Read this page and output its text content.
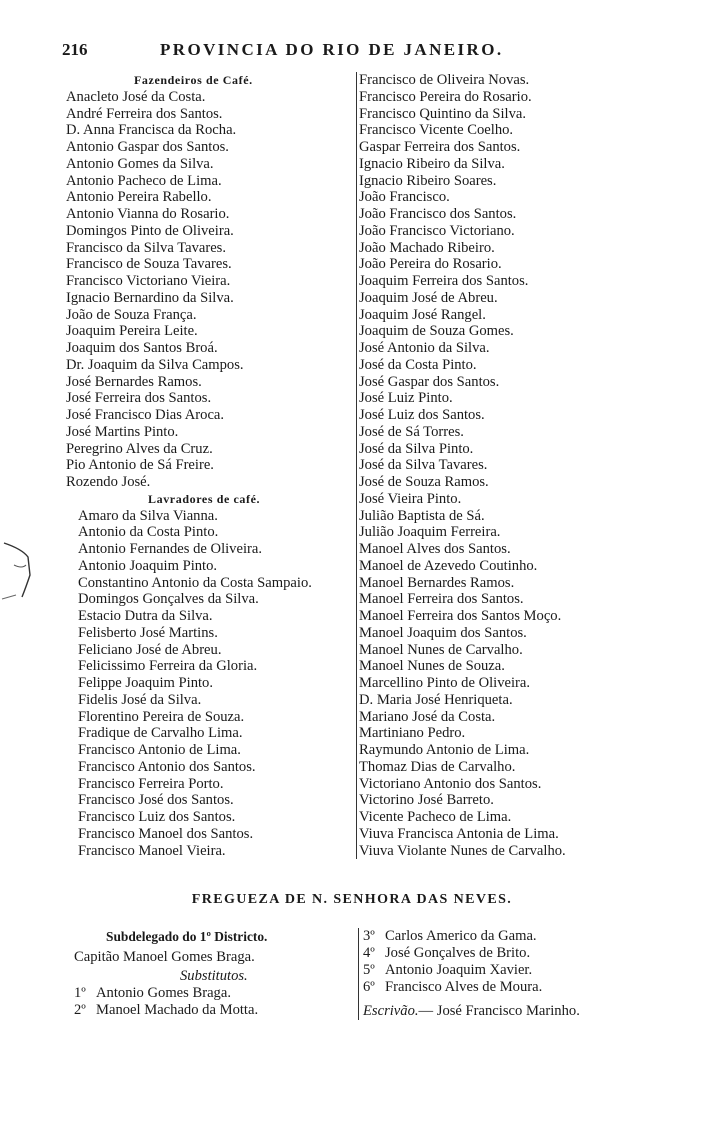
216	PROVINCIA DO RIO DE JANEIRO.
Fazendeiros de Café.
Anacleto José da Costa.
André Ferreira dos Santos.
D. Anna Francisca da Rocha.
Antonio Gaspar dos Santos.
Antonio Gomes da Silva.
Antonio Pacheco de Lima.
Antonio Pereira Rabello.
Antonio Vianna do Rosario.
Domingos Pinto de Oliveira.
Francisco da Silva Tavares.
Francisco de Souza Tavares.
Francisco Victoriano Vieira.
Ignacio Bernardino da Silva.
João de Souza França.
Joaquim Pereira Leite.
Joaquim dos Santos Broá.
Dr. Joaquim da Silva Campos.
José Bernardes Ramos.
José Ferreira dos Santos.
José Francisco Dias Aroca.
José Martins Pinto.
Peregrino Alves da Cruz.
Pio Antonio de Sá Freire.
Rozendo José.
Lavradores de café.
Amaro da Silva Vianna.
Antonio da Costa Pinto.
Antonio Fernandes de Oliveira.
Antonio Joaquim Pinto.
Constantino Antonio da Costa Sampaio.
Domingos Gonçalves da Silva.
Estacio Dutra da Silva.
Felisberto José Martins.
Feliciano José de Abreu.
Felicissimo Ferreira da Gloria.
Felippe Joaquim Pinto.
Fidelis José da Silva.
Florentino Pereira de Souza.
Fradique de Carvalho Lima.
Francisco Antonio de Lima.
Francisco Antonio dos Santos.
Francisco Ferreira Porto.
Francisco José dos Santos.
Francisco Luiz dos Santos.
Francisco Manoel dos Santos.
Francisco Manoel Vieira.
Francisco de Oliveira Novas.
Francisco Pereira do Rosario.
Francisco Quintino da Silva.
Francisco Vicente Coelho.
Gaspar Ferreira dos Santos.
Ignacio Ribeiro da Silva.
Ignacio Ribeiro Soares.
João Francisco.
João Francisco dos Santos.
João Francisco Victoriano.
João Machado Ribeiro.
João Pereira do Rosario.
Joaquim Ferreira dos Santos.
Joaquim José de Abreu.
Joaquim José Rangel.
Joaquim de Souza Gomes.
José Antonio da Silva.
José da Costa Pinto.
José Gaspar dos Santos.
José Luiz Pinto.
José Luiz dos Santos.
José de Sá Torres.
José da Silva Pinto.
José da Silva Tavares.
José de Souza Ramos.
José Vieira Pinto.
Julião Baptista de Sá.
Julião Joaquim Ferreira.
Manoel Alves dos Santos.
Manoel de Azevedo Coutinho.
Manoel Bernardes Ramos.
Manoel Ferreira dos Santos.
Manoel Ferreira dos Santos Moço.
Manoel Joaquim dos Santos.
Manoel Nunes de Carvalho.
Manoel Nunes de Souza.
Marcellino Pinto de Oliveira.
D. Maria José Henriqueta.
Mariano José da Costa.
Martiniano Pedro.
Raymundo Antonio de Lima.
Thomaz Dias de Carvalho.
Victoriano Antonio dos Santos.
Victorino José Barreto.
Vicente Pacheco de Lima.
Viuva Francisca Antonia de Lima.
Viuva Violante Nunes de Carvalho.
FREGUEZA DE N. SENHORA DAS NEVES.
Subdelegado do 1º Districto.
Capitão Manoel Gomes Braga.
Substitutos.
1º Antonio Gomes Braga.
2º Manoel Machado da Motta.
3º Carlos Americo da Gama.
4º José Gonçalves de Brito.
5º Antonio Joaquim Xavier.
6º Francisco Alves de Moura.
Escrivão.— José Francisco Marinho.
